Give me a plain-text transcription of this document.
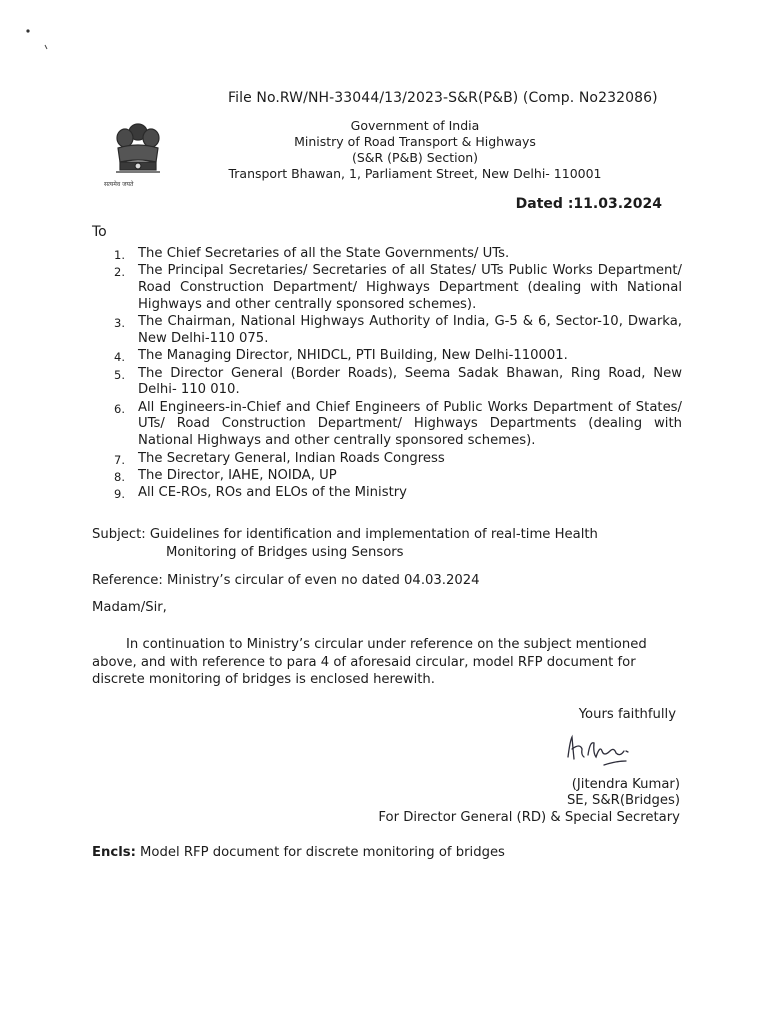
File No.RW/NH-33044/13/2023-S&R(P&B) (Comp. No232086)
सत्यमेव जयते
Government of India
Ministry of Road Transport & Highways
(S&R (P&B) Section)
Transport Bhawan, 1, Parliament Street, New Delhi- 110001
Dated :11.03.2024
To
1. The Chief Secretaries of all the State Governments/ UTs.
2. The Principal Secretaries/ Secretaries of all States/ UTs Public Works Department/ Road Construction Department/ Highways Department (dealing with National Highways and other centrally sponsored schemes).
3. The Chairman, National Highways Authority of India, G-5 & 6, Sector-10, Dwarka, New Delhi-110 075.
4. The Managing Director, NHIDCL, PTI Building, New Delhi-110001.
5. The Director General (Border Roads), Seema Sadak Bhawan, Ring Road, New Delhi- 110 010.
6. All Engineers-in-Chief and Chief Engineers of Public Works Department of States/ UTs/ Road Construction Department/ Highways Departments (dealing with National Highways and other centrally sponsored schemes).
7. The Secretary General, Indian Roads Congress
8. The Director, IAHE, NOIDA, UP
9. All CE-ROs, ROs and ELOs of the Ministry
Subject: Guidelines for identification and implementation of real-time Health
Monitoring of Bridges using Sensors
Reference: Ministry’s circular of even no dated 04.03.2024
Madam/Sir,

In continuation to Ministry’s circular under reference on the subject mentioned above, and with reference to para 4 of aforesaid circular, model RFP document for discrete monitoring of bridges is enclosed herewith.

Yours faithfully
(Jitendra Kumar)
SE, S&R(Bridges)
For Director General (RD) & Special Secretary
Encls: Model RFP document for discrete monitoring of bridges
